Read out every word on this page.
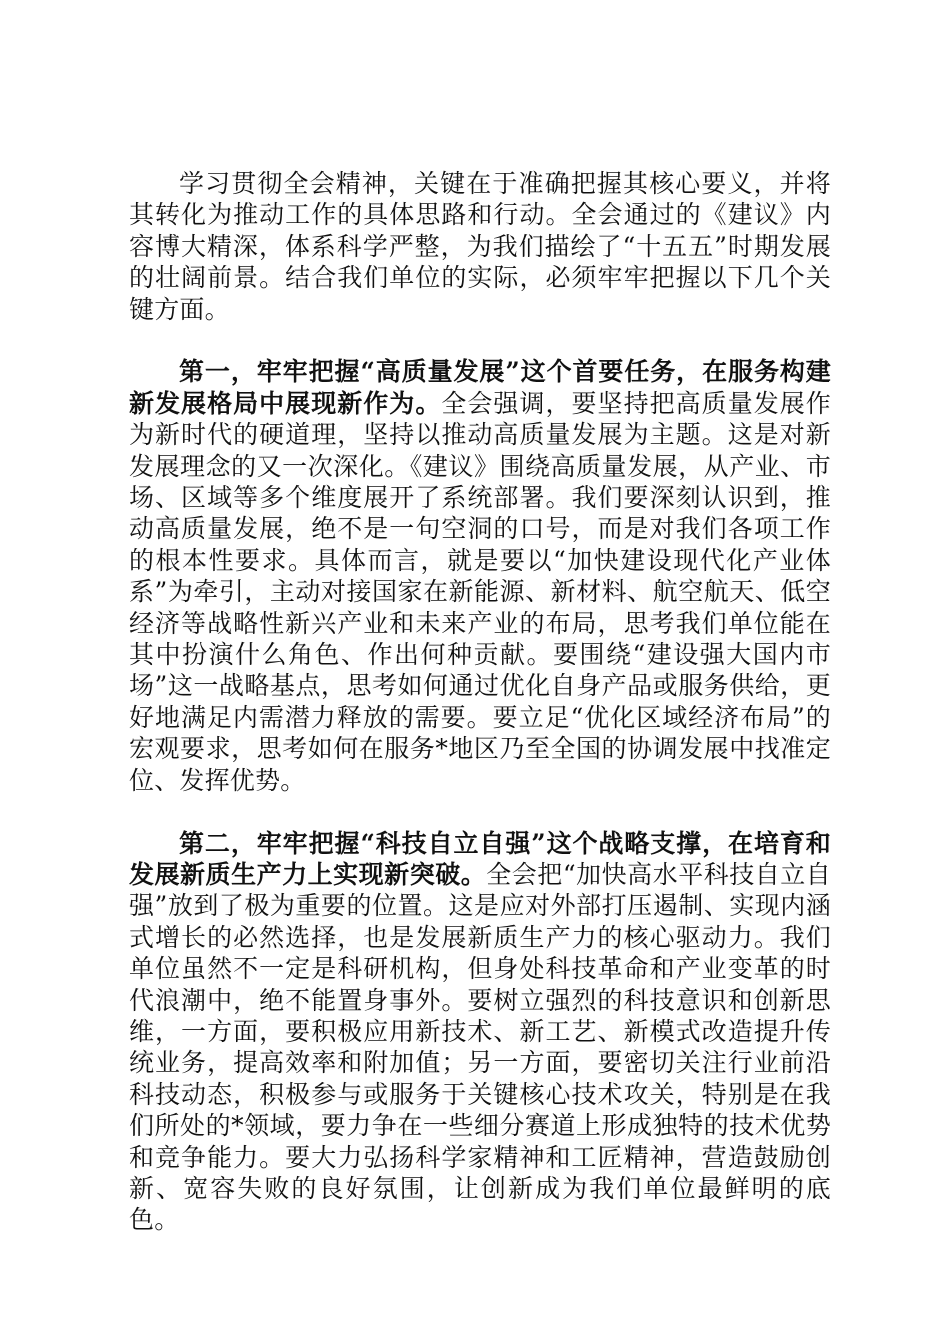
学习贯彻全会精神，关键在于准确把握其核心要义，并将其转化为推动工作的具体思路和行动。全会通过的《建议》内容博大精深，体系科学严整，为我们描绘了“十五五”时期发展的壮阔前景。结合我们单位的实际，必须牢牢把握以下几个关键方面。

第一，牢牢把握“高质量发展”这个首要任务，在服务构建新发展格局中展现新作为。全会强调，要坚持把高质量发展作为新时代的硬道理，坚持以推动高质量发展为主题。这是对新发展理念的又一次深化。《建议》围绕高质量发展，从产业、市场、区域等多个维度展开了系统部署。我们要深刻认识到，推动高质量发展，绝不是一句空洞的口号，而是对我们各项工作的根本性要求。具体而言，就是要以“加快建设现代化产业体系”为牵引，主动对接国家在新能源、新材料、航空航天、低空经济等战略性新兴产业和未来产业的布局，思考我们单位能在其中扮演什么角色、作出何种贡献。要围绕“建设强大国内市场”这一战略基点，思考如何通过优化自身产品或服务供给，更好地满足内需潜力释放的需要。要立足“优化区域经济布局”的宏观要求，思考如何在服务*地区乃至全国的协调发展中找准定位、发挥优势。

第二，牢牢把握“科技自立自强”这个战略支撑，在培育和发展新质生产力上实现新突破。全会把“加快高水平科技自立自强”放到了极为重要的位置。这是应对外部打压遏制、实现内涵式增长的必然选择，也是发展新质生产力的核心驱动力。我们单位虽然不一定是科研机构，但身处科技革命和产业变革的时代浪潮中，绝不能置身事外。要树立强烈的科技意识和创新思维，一方面，要积极应用新技术、新工艺、新模式改造提升传统业务，提高效率和附加值；另一方面，要密切关注行业前沿科技动态，积极参与或服务于关键核心技术攻关，特别是在我们所处的*领域，要力争在一些细分赛道上形成独特的技术优势和竞争能力。要大力弘扬科学家精神和工匠精神，营造鼓励创新、宽容失败的良好氛围，让创新成为我们单位最鲜明的底色。
